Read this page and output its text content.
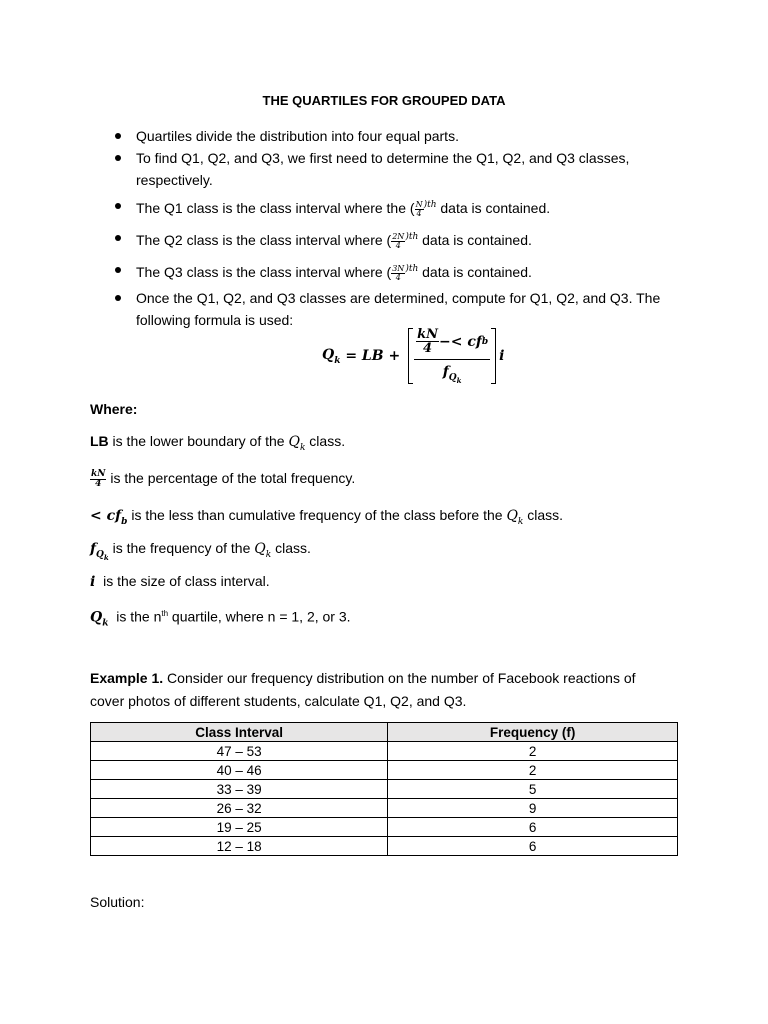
THE QUARTILES FOR GROUPED DATA
Quartiles divide the distribution into four equal parts.
To find Q1, Q2, and Q3, we first need to determine the Q1, Q2, and Q3 classes,
respectively.
The Q1 class is the class interval where the ( $\frac{N}{4} ^{)th}$ data is contained.
The Q2 class is the class interval where ( $\frac{2N}{4} ^{)th}$ data is contained.
The Q3 class is the class interval where ( $\frac{3N}{4} ^{)th}$ data is contained.
Once the Q1, Q2, and Q3 classes are determined, compute for Q1, Q2, and Q3. The
following formula is used:
$Q_k$ = LB +
kN
4 −< cf b
$f_{Q_k}$
i
Where:
LB is the lower boundary of the $Q_k$ class.
$\frac{kN}{4}$ is the percentage of the total frequency.
< $cf_b$ is the less than cumulative frequency of the class before the $Q_k$ class.
$f_{Q_k}$ is the frequency of the $Q_k$ class.
i  is the size of class interval.
$Q_k$  is the $n^{th}$ quartile, where n = 1, 2, or 3.
Example 1. Consider our frequency distribution on the number of Facebook reactions of
cover photos of different students, calculate Q1, Q2, and Q3.
Class Interval	Frequency (f)
47 – 53	2
40 – 46	2
33 – 39	5
26 – 32	9
19 – 25	6
12 – 18	6
Solution:
